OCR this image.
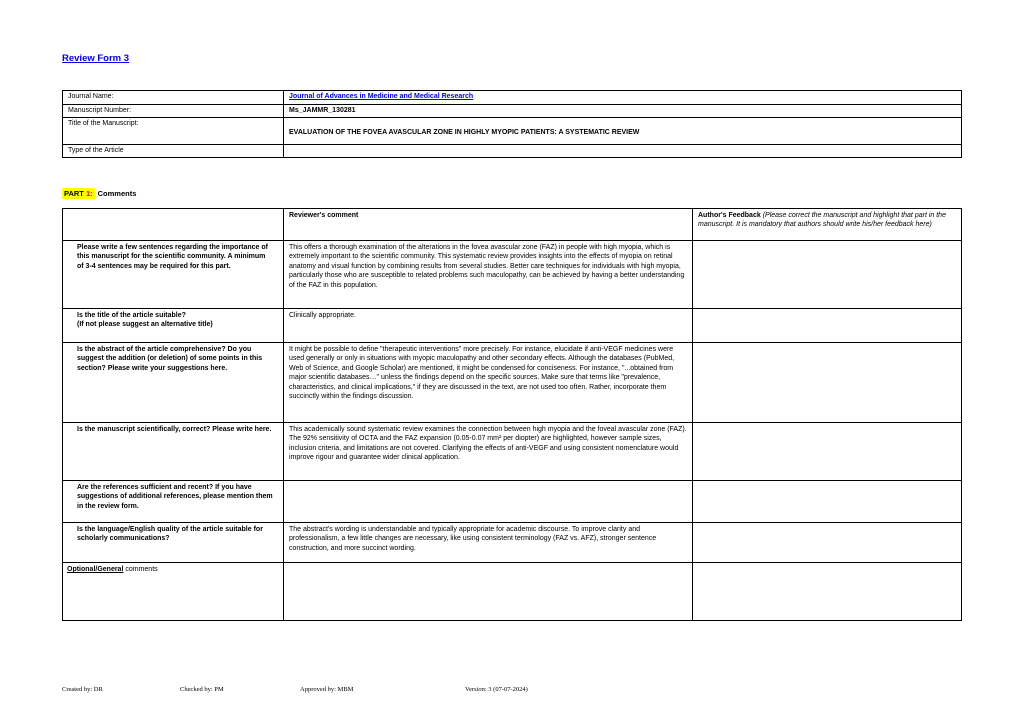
Review Form 3
Journal Name:	Journal of Advances in Medicine and Medical Research
Manuscript Number:	Ms_JAMMR_130281
Title of the Manuscript:	EVALUATION OF THE FOVEA AVASCULAR ZONE IN HIGHLY MYOPIC PATIENTS: A SYSTEMATIC REVIEW
Type of the Article	
PART 1: Comments
	Reviewer's comment	Author's Feedback (Please correct the manuscript and highlight that part in the manuscript. It is mandatory that authors should write his/her feedback here)
Please write a few sentences regarding the importance of this manuscript for the scientific community. A minimum of 3-4 sentences may be required for this part.	This offers a thorough examination of the alterations in the fovea avascular zone (FAZ) in people with high myopia, which is extremely important to the scientific community. This systematic review provides insights into the effects of myopia on retinal anatomy and visual function by combining results from several studies. Better care techniques for individuals with high myopia, particularly those who are susceptible to related problems such maculopathy, can be achieved by having a better understanding of the FAZ in this population.	

Is the title of the article suitable?
(If not please suggest an alternative title)	Clinically appropriate.	
Is the abstract of the article comprehensive? Do you suggest the addition (or deletion) of some points in this section? Please write your suggestions here.	It might be possible to define "therapeutic interventions" more precisely. For instance, elucidate if anti-VEGF medicines were used generally or only in situations with myopic maculopathy and other secondary effects. Although the databases (PubMed, Web of Science, and Google Scholar) are mentioned, it might be condensed for conciseness. For instance, "...obtained from major scientific databases…" unless the findings depend on the specific sources. Make sure that terms like "prevalence, characteristics, and clinical implications," if they are discussed in the text, are not used too often. Rather, incorporate them succinctly within the findings discussion.	
Is the manuscript scientifically, correct? Please write here.	This academically sound systematic review examines the connection between high myopia and the foveal avascular zone (FAZ). The 92% sensitivity of OCTA and the FAZ expansion (0.05-0.07 mm² per diopter) are highlighted, however sample sizes, inclusion criteria, and limitations are not covered. Clarifying the effects of anti-VEGF and using consistent nomenclature would improve rigour and guarantee wider clinical application.	
Are the references sufficient and recent? If you have suggestions of additional references, please mention them in the review form.		
Is the language/English quality of the article suitable for scholarly communications?	The abstract's wording is understandable and typically appropriate for academic discourse. To improve clarity and professionalism, a few little changes are necessary, like using consistent terminology (FAZ vs. AFZ), stronger sentence construction, and more succinct wording.	
Optional/General comments		
Created by: DR	Checked by: PM	Approved by: MBM	Version: 3 (07-07-2024)
